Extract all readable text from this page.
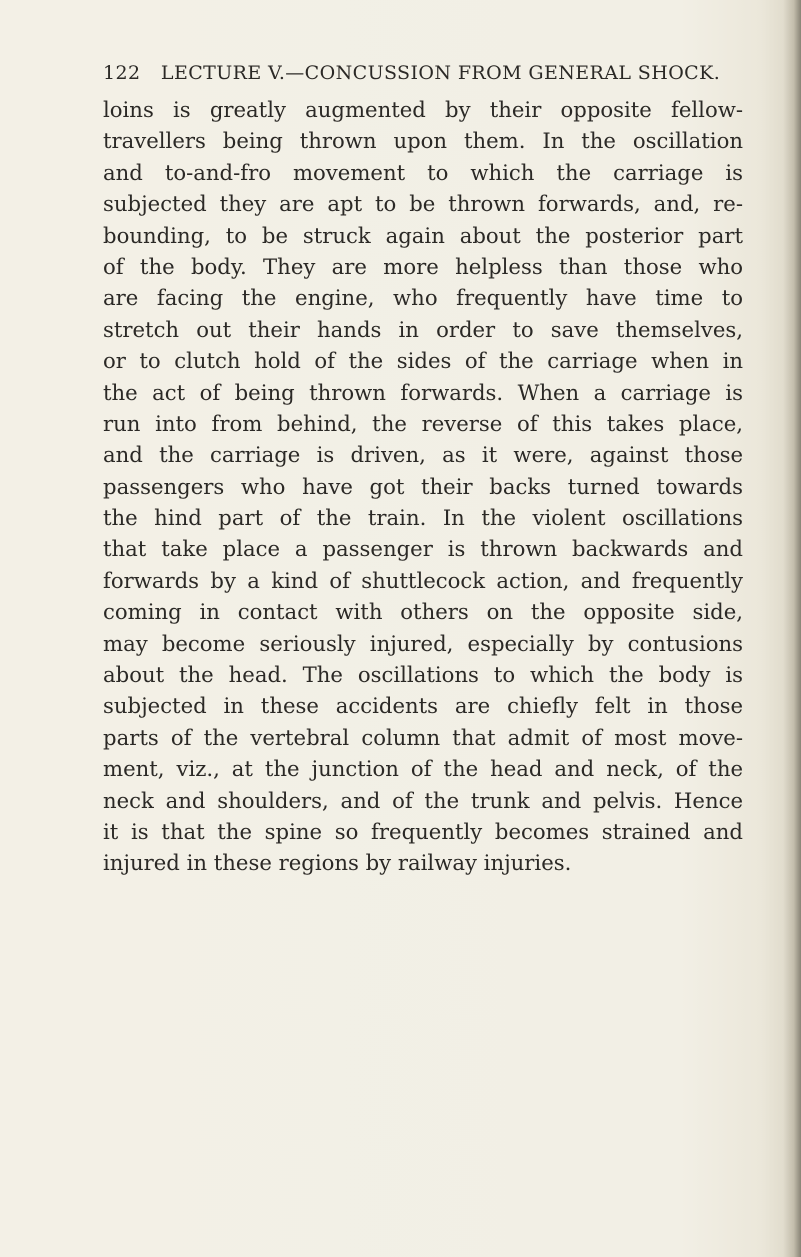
122 LECTURE V.—CONCUSSION FROM GENERAL SHOCK.
loins is greatly augmented by their opposite fellow-
travellers being thrown upon them. In the oscillation
and to-and-fro movement to which the carriage is
subjected they are apt to be thrown forwards, and, re-
bounding, to be struck again about the posterior part
of the body. They are more helpless than those who
are facing the engine, who frequently have time to
stretch out their hands in order to save themselves,
or to clutch hold of the sides of the carriage when in
the act of being thrown forwards. When a carriage is
run into from behind, the reverse of this takes place,
and the carriage is driven, as it were, against those
passengers who have got their backs turned towards
the hind part of the train. In the violent oscillations
that take place a passenger is thrown backwards and
forwards by a kind of shuttlecock action, and frequently
coming in contact with others on the opposite side,
may become seriously injured, especially by contusions
about the head. The oscillations to which the body is
subjected in these accidents are chiefly felt in those
parts of the vertebral column that admit of most move-
ment, viz., at the junction of the head and neck, of the
neck and shoulders, and of the trunk and pelvis. Hence
it is that the spine so frequently becomes strained and
injured in these regions by railway injuries.
